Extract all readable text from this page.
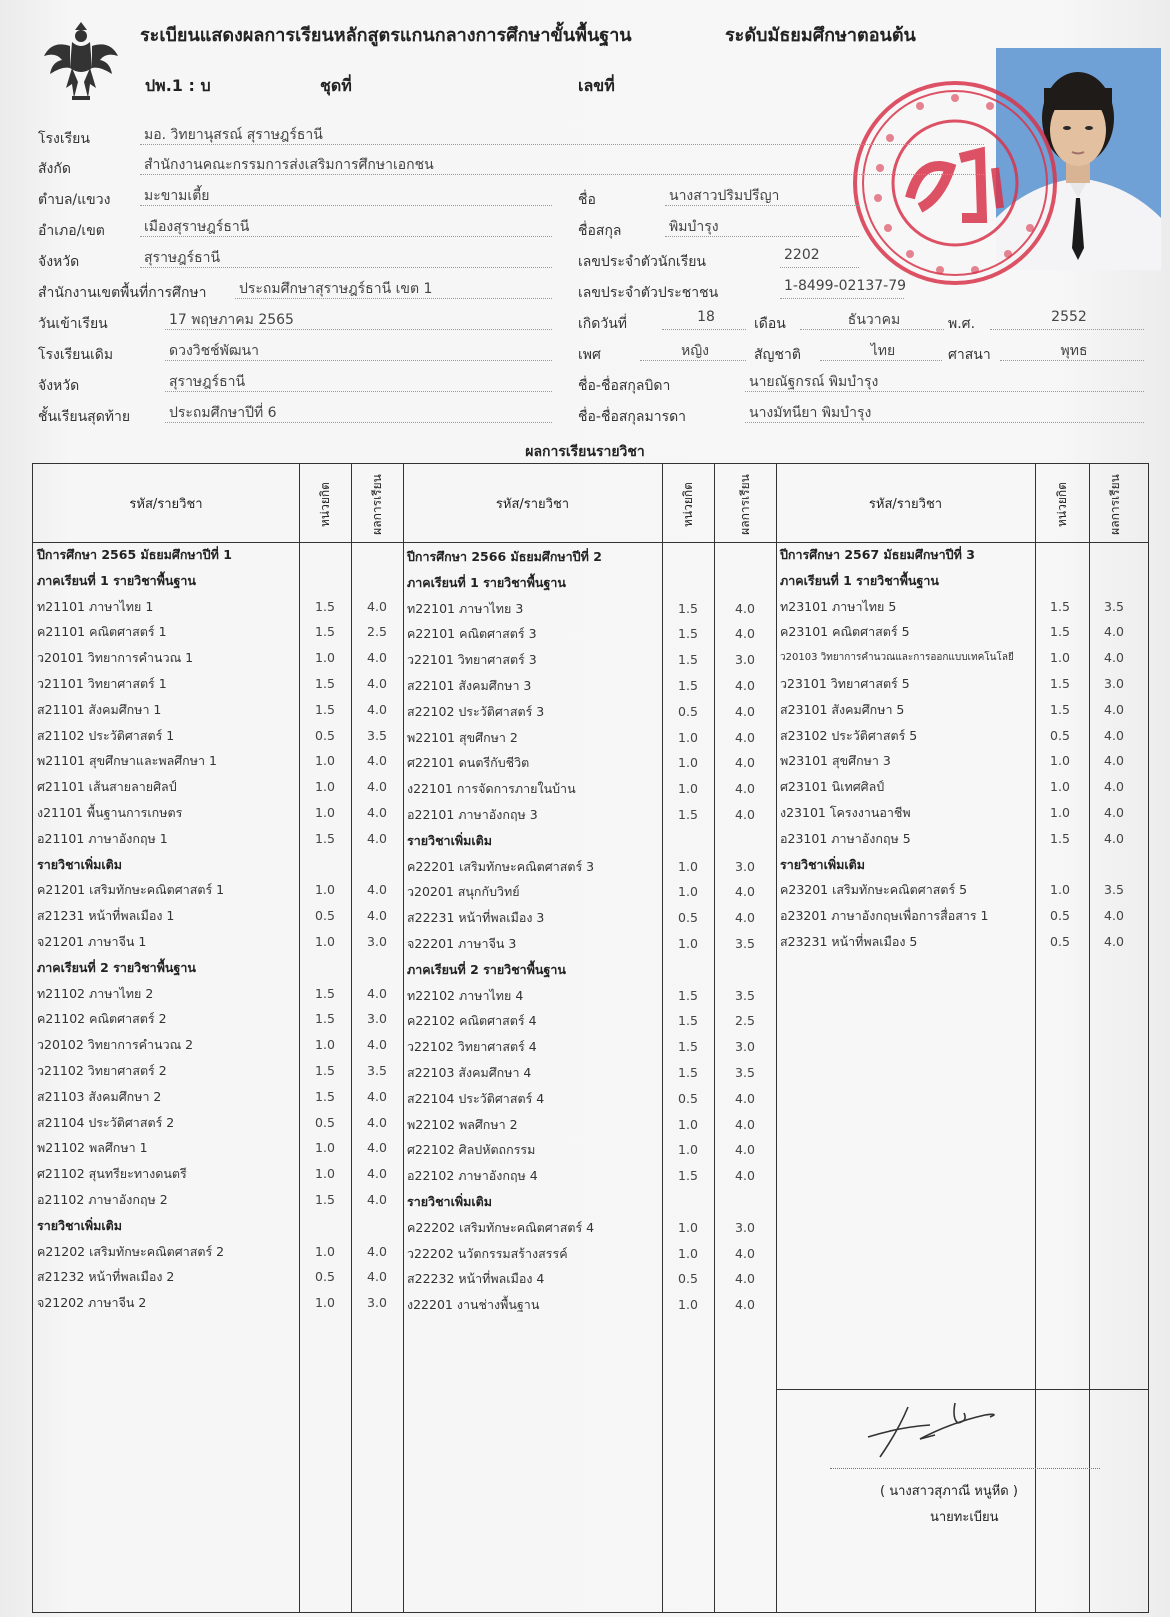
ระเบียนแสดงผลการเรียนหลักสูตรแกนกลางการศึกษาขั้นพื้นฐาน	ระดับมัธยมศึกษาตอนต้น
ปพ.1 : บ	ชุดที่	เลขที่
โรงเรียน	มอ. วิทยานุสรณ์ สุราษฎร์ธานี
สังกัด	สำนักงานคณะกรรมการส่งเสริมการศึกษาเอกชน
ตำบล/แขวง มะขามเตี้ย
อำเภอ/เขต	เมืองสุราษฎร์ธานี
จังหวัด	สุราษฎร์ธานี
สำนักงานเขตพื้นที่การศึกษา ประถมศึกษาสุราษฎร์ธานี เขต 1
วันเข้าเรียน	17 พฤษภาคม 2565
โรงเรียนเดิม	ดวงวิชช์พัฒนา
จังหวัด	สุราษฎร์ธานี
ชั้นเรียนสุดท้าย	ประถมศึกษาปีที่ 6
ชื่อ	นางสาวปริมปรีญา
ชื่อสกุล	พิมบำรุง
เลขประจำตัวนักเรียน	2202
เลขประจำตัวประชาชน	1-8499-02137-79
เกิดวันที่	18	เดือน	ธันวาคม	พ.ศ.	2552
เพศ	หญิง	สัญชาติ	ไทย	ศาสนา	พุทธ
ชื่อ-ชื่อสกุลบิดา	นายณัฐกรณ์ พิมบำรุง
ชื่อ-ชื่อสกุลมารดา	นางมัทนียา พิมบำรุง
ผลการเรียนรายวิชา
รหัส/รายวิชา	หน่วยกิต	ผลการเรียน	รหัส/รายวิชา	หน่วยกิต	ผลการเรียน	รหัส/รายวิชา	หน่วยกิต	ผลการเรียน
ปีการศึกษา 2565 มัธยมศึกษาปีที่ 1
ภาคเรียนที่ 1 รายวิชาพื้นฐาน
ท21101 ภาษาไทย 1	1.5	4.0
ค21101 คณิตศาสตร์ 1	1.5	2.5
ว20101 วิทยาการคำนวณ 1	1.0	4.0
ว21101 วิทยาศาสตร์ 1	1.5	4.0
ส21101 สังคมศึกษา 1	1.5	4.0
ส21102 ประวัติศาสตร์ 1	0.5	3.5
พ21101 สุขศึกษาและพลศึกษา 1	1.0	4.0
ศ21101 เส้นสายลายศิลป์	1.0	4.0
ง21101 พื้นฐานการเกษตร	1.0	4.0
อ21101 ภาษาอังกฤษ 1	1.5	4.0
รายวิชาเพิ่มเติม
ค21201 เสริมทักษะคณิตศาสตร์ 1	1.0	4.0
ส21231 หน้าที่พลเมือง 1	0.5	4.0
จ21201 ภาษาจีน 1	1.0	3.0
ภาคเรียนที่ 2 รายวิชาพื้นฐาน
ท21102 ภาษาไทย 2	1.5	4.0
ค21102 คณิตศาสตร์ 2	1.5	3.0
ว20102 วิทยาการคำนวณ 2	1.0	4.0
ว21102 วิทยาศาสตร์ 2	1.5	3.5
ส21103 สังคมศึกษา 2	1.5	4.0
ส21104 ประวัติศาสตร์ 2	0.5	4.0
พ21102 พลศึกษา 1	1.0	4.0
ศ21102 สุนทรียะทางดนตรี	1.0	4.0
อ21102 ภาษาอังกฤษ 2	1.5	4.0
รายวิชาเพิ่มเติม
ค21202 เสริมทักษะคณิตศาสตร์ 2	1.0	4.0
ส21232 หน้าที่พลเมือง 2	0.5	4.0
จ21202 ภาษาจีน 2	1.0	3.0
ปีการศึกษา 2566 มัธยมศึกษาปีที่ 2
ภาคเรียนที่ 1 รายวิชาพื้นฐาน
ท22101 ภาษาไทย 3	1.5	4.0
ค22101 คณิตศาสตร์ 3	1.5	4.0
ว22101 วิทยาศาสตร์ 3	1.5	3.0
ส22101 สังคมศึกษา 3	1.5	4.0
ส22102 ประวัติศาสตร์ 3	0.5	4.0
พ22101 สุขศึกษา 2	1.0	4.0
ศ22101 ดนตรีกับชีวิต	1.0	4.0
ง22101 การจัดการภายในบ้าน	1.0	4.0
อ22101 ภาษาอังกฤษ 3	1.5	4.0
รายวิชาเพิ่มเติม
ค22201 เสริมทักษะคณิตศาสตร์ 3	1.0	3.0
ว20201 สนุกกับวิทย์	1.0	4.0
ส22231 หน้าที่พลเมือง 3	0.5	4.0
จ22201 ภาษาจีน 3	1.0	3.5
ภาคเรียนที่ 2 รายวิชาพื้นฐาน
ท22102 ภาษาไทย 4	1.5	3.5
ค22102 คณิตศาสตร์ 4	1.5	2.5
ว22102 วิทยาศาสตร์ 4	1.5	3.0
ส22103 สังคมศึกษา 4	1.5	3.5
ส22104 ประวัติศาสตร์ 4	0.5	4.0
พ22102 พลศึกษา 2	1.0	4.0
ศ22102 ศิลปหัตถกรรม	1.0	4.0
อ22102 ภาษาอังกฤษ 4	1.5	4.0
รายวิชาเพิ่มเติม
ค22202 เสริมทักษะคณิตศาสตร์ 4	1.0	3.0
ว22202 นวัตกรรมสร้างสรรค์	1.0	4.0
ส22232 หน้าที่พลเมือง 4	0.5	4.0
ง22201 งานช่างพื้นฐาน	1.0	4.0
ปีการศึกษา 2567 มัธยมศึกษาปีที่ 3
ภาคเรียนที่ 1 รายวิชาพื้นฐาน
ท23101 ภาษาไทย 5	1.5	3.5
ค23101 คณิตศาสตร์ 5	1.5	4.0
ว20103 วิทยาการคำนวณและการออกแบบเทคโนโลยี	1.0	4.0
ว23101 วิทยาศาสตร์ 5	1.5	3.0
ส23101 สังคมศึกษา 5	1.5	4.0
ส23102 ประวัติศาสตร์ 5	0.5	4.0
พ23101 สุขศึกษา 3	1.0	4.0
ศ23101 นิเทศศิลป์	1.0	4.0
ง23101 โครงงานอาชีพ	1.0	4.0
อ23101 ภาษาอังกฤษ 5	1.5	4.0
รายวิชาเพิ่มเติม
ค23201 เสริมทักษะคณิตศาสตร์ 5	1.0	3.5
อ23201 ภาษาอังกฤษเพื่อการสื่อสาร 1	0.5	4.0
ส23231 หน้าที่พลเมือง 5	0.5	4.0
( นางสาวสุภาณี หนูหีด )
นายทะเบียน
